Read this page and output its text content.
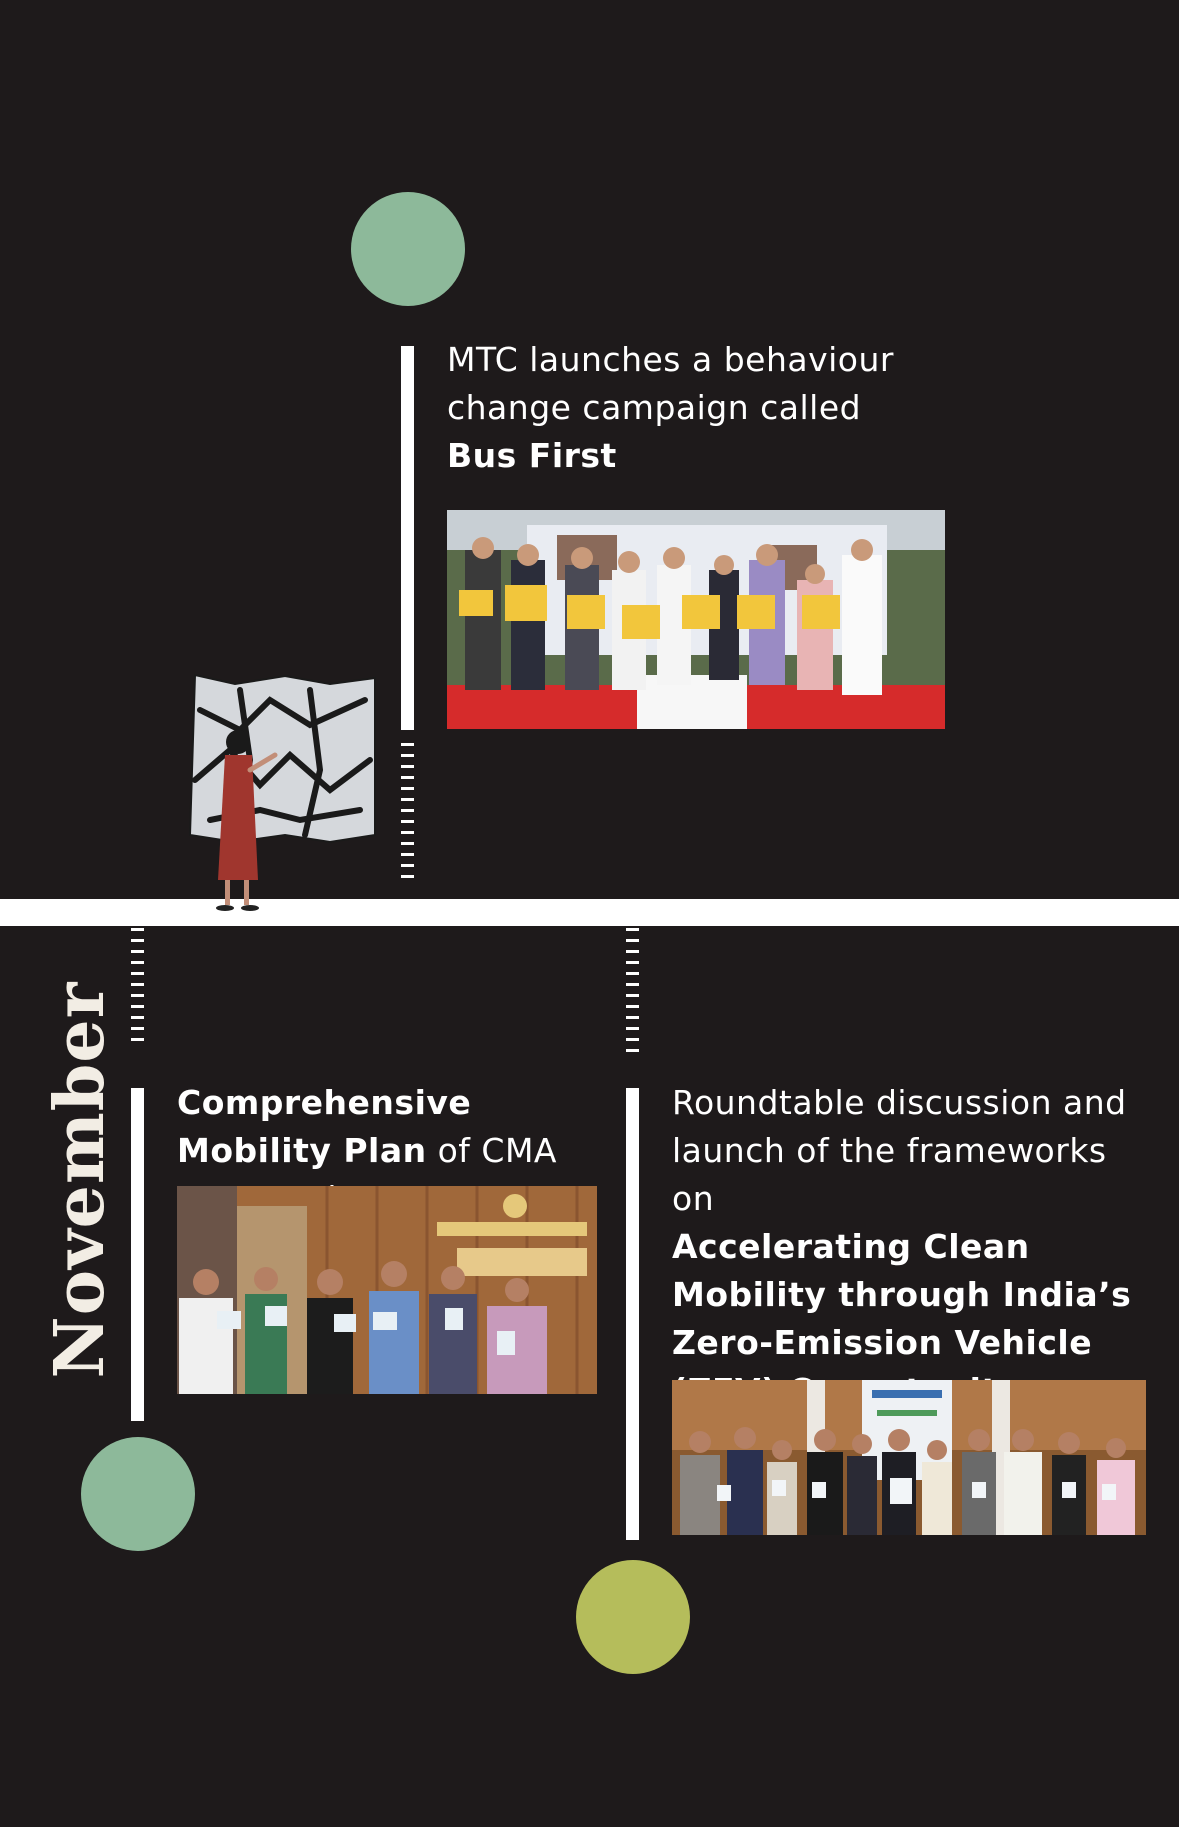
MTC launches a behaviour change campaign called
Bus First
November Comprehensive Mobility Plan of CMA
Roundtable discussion and launch of the frameworks on
Accelerating Clean Mobility through India’s Zero-Emission Vehicle
